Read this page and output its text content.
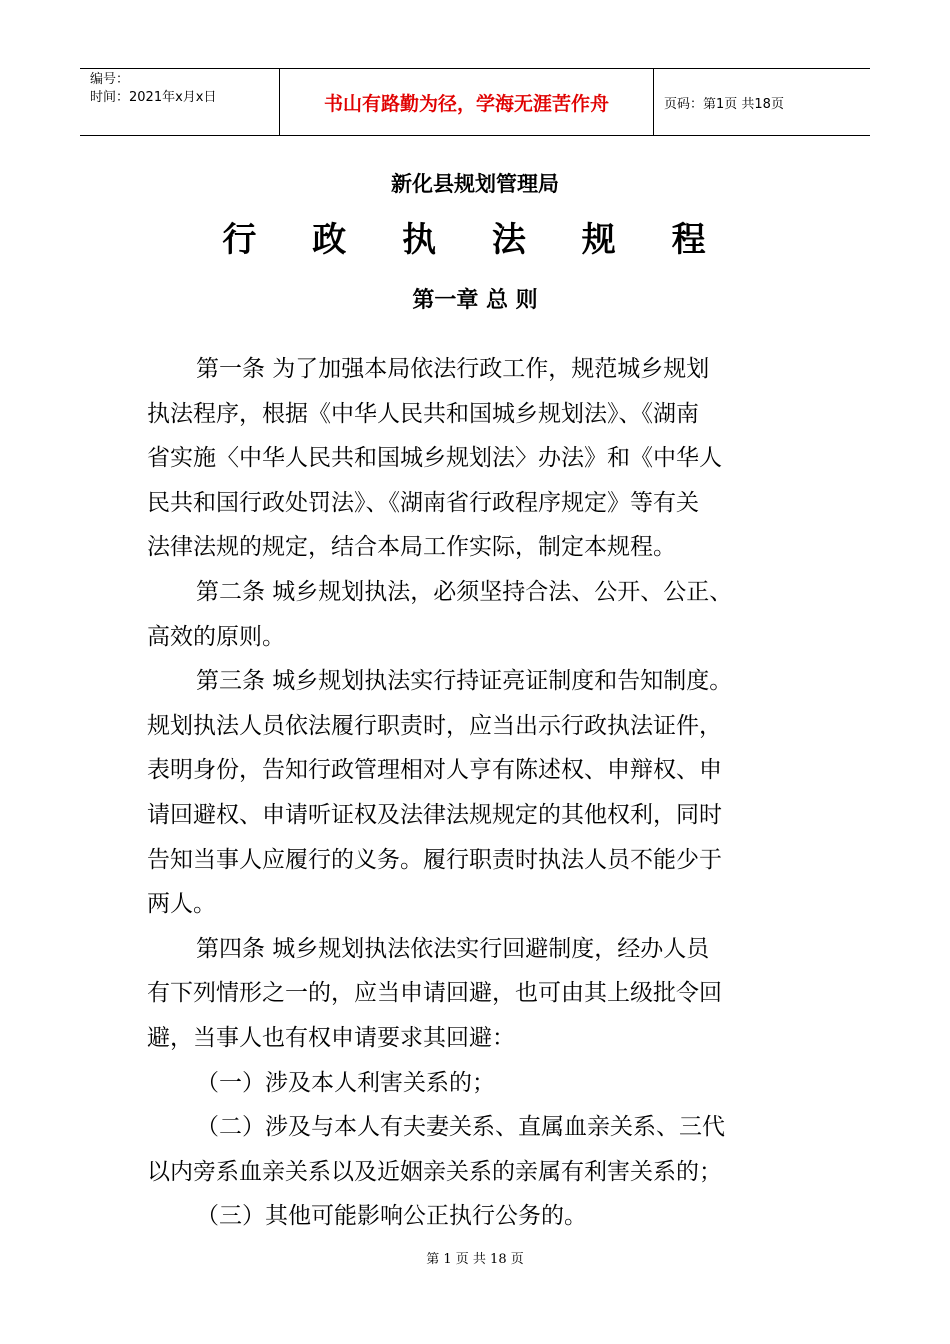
编号：
时间：2021年x月x日	书山有路勤为径，学海无涯苦作舟	页码：第1页 共18页
新化县规划管理局
行 政 执 法 规 程
第一章 总 则
第一条 为了加强本局依法行政工作，规范城乡规划
执法程序，根据《中华人民共和国城乡规划法》、《湖南
省实施〈中华人民共和国城乡规划法〉办法》和《中华人
民共和国行政处罚法》、《湖南省行政程序规定》等有关
法律法规的规定，结合本局工作实际，制定本规程。
第二条 城乡规划执法，必须坚持合法、公开、公正、
高效的原则。
第三条 城乡规划执法实行持证亮证制度和告知制度。
规划执法人员依法履行职责时，应当出示行政执法证件，
表明身份，告知行政管理相对人亨有陈述权、申辩权、申
请回避权、申请听证权及法律法规规定的其他权利，同时
告知当事人应履行的义务。履行职责时执法人员不能少于
两人。
第四条 城乡规划执法依法实行回避制度，经办人员
有下列情形之一的，应当申请回避，也可由其上级批令回
避，当事人也有权申请要求其回避：
（一）涉及本人利害关系的；
（二）涉及与本人有夫妻关系、直属血亲关系、三代
以内旁系血亲关系以及近姻亲关系的亲属有利害关系的；
（三）其他可能影响公正执行公务的。
第 1 页 共 18 页
